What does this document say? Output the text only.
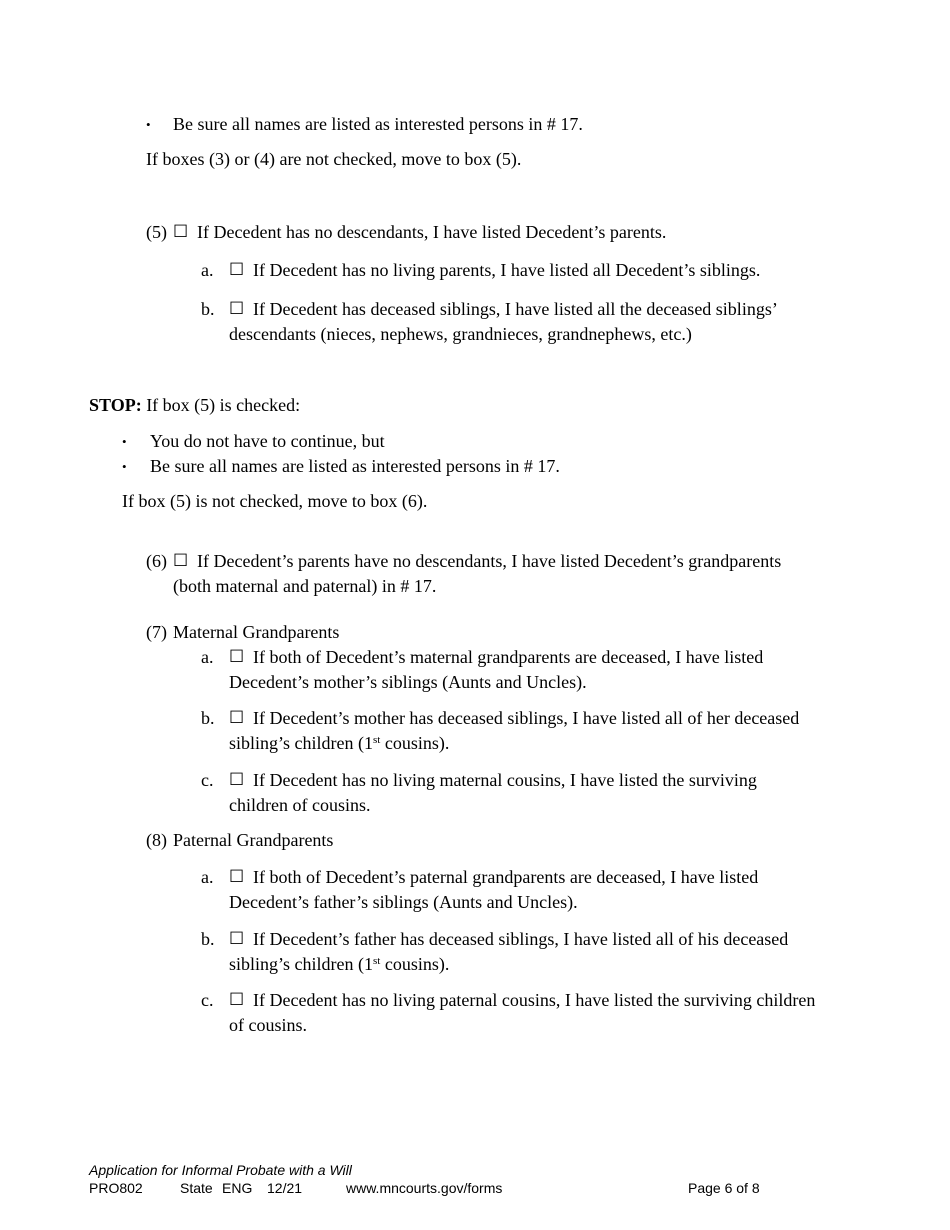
• Be sure all names are listed as interested persons in # 17.
If boxes (3) or (4) are not checked, move to box (5).
(5) ☐ If Decedent has no descendants, I have listed Decedent’s parents.
a. ☐ If Decedent has no living parents, I have listed all Decedent’s siblings.
b. ☐ If Decedent has deceased siblings, I have listed all the deceased siblings’
descendants (nieces, nephews, grandnieces, grandnephews, etc.)
STOP: If box (5) is checked:
• You do not have to continue, but
• Be sure all names are listed as interested persons in # 17.
If box (5) is not checked, move to box (6).
(6) ☐ If Decedent’s parents have no descendants, I have listed Decedent’s grandparents
(both maternal and paternal) in # 17.
(7) Maternal Grandparents
a. ☐ If both of Decedent’s maternal grandparents are deceased, I have listed
Decedent’s mother’s siblings (Aunts and Uncles).
b. ☐ If Decedent’s mother has deceased siblings, I have listed all of her deceased
sibling’s children (1st cousins).
c. ☐ If Decedent has no living maternal cousins, I have listed the surviving
children of cousins.
(8) Paternal Grandparents
a. ☐ If both of Decedent’s paternal grandparents are deceased, I have listed
Decedent’s father’s siblings (Aunts and Uncles).
b. ☐ If Decedent’s father has deceased siblings, I have listed all of his deceased
sibling’s children (1st cousins).
c. ☐ If Decedent has no living paternal cousins, I have listed the surviving children
of cousins.
Application for Informal Probate with a Will
PRO802	State ENG 12/21	www.mncourts.gov/forms	Page 6 of 8
